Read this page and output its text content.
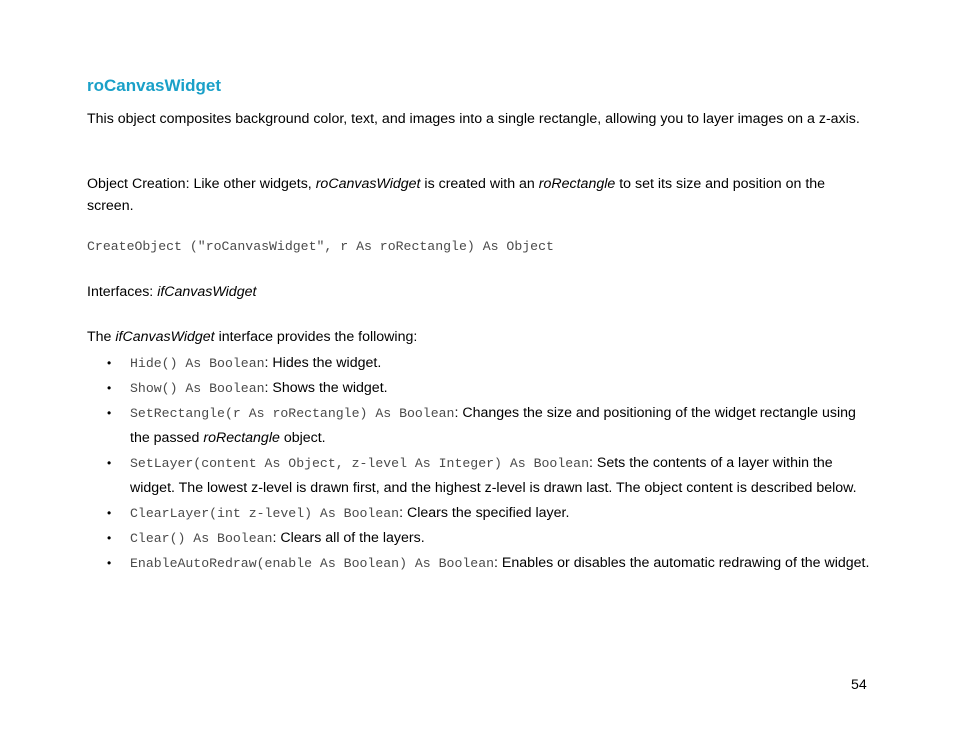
roCanvasWidget

This object composites background color, text, and images into a single rectangle, allowing you to layer images on a z-axis.

Object Creation: Like other widgets, roCanvasWidget is created with an roRectangle to set its size and position on the screen.

CreateObject ("roCanvasWidget", r As roRectangle) As Object

Interfaces: ifCanvasWidget

The ifCanvasWidget interface provides the following:

• Hide() As Boolean: Hides the widget.
• Show() As Boolean: Shows the widget.
• SetRectangle(r As roRectangle) As Boolean: Changes the size and positioning of the widget rectangle using the passed roRectangle object.
• SetLayer(content As Object, z-level As Integer) As Boolean: Sets the contents of a layer within the widget. The lowest z-level is drawn first, and the highest z-level is drawn last. The object content is described below.
• ClearLayer(int z-level) As Boolean: Clears the specified layer.
• Clear() As Boolean: Clears all of the layers.
• EnableAutoRedraw(enable As Boolean) As Boolean: Enables or disables the automatic redrawing of the widget.
54
